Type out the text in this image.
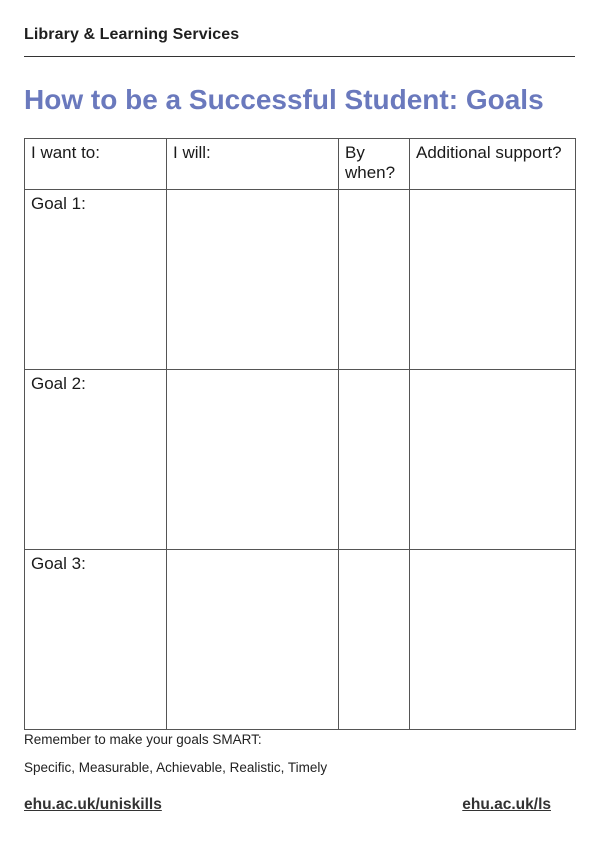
Library & Learning Services
How to be a Successful Student: Goals
I want to:	I will:	By when?	Additional support?
Goal 1:			
Goal 2:			
Goal 3:			
Remember to make your goals SMART:
Specific, Measurable, Achievable, Realistic, Timely
ehu.ac.uk/uniskills	ehu.ac.uk/ls
